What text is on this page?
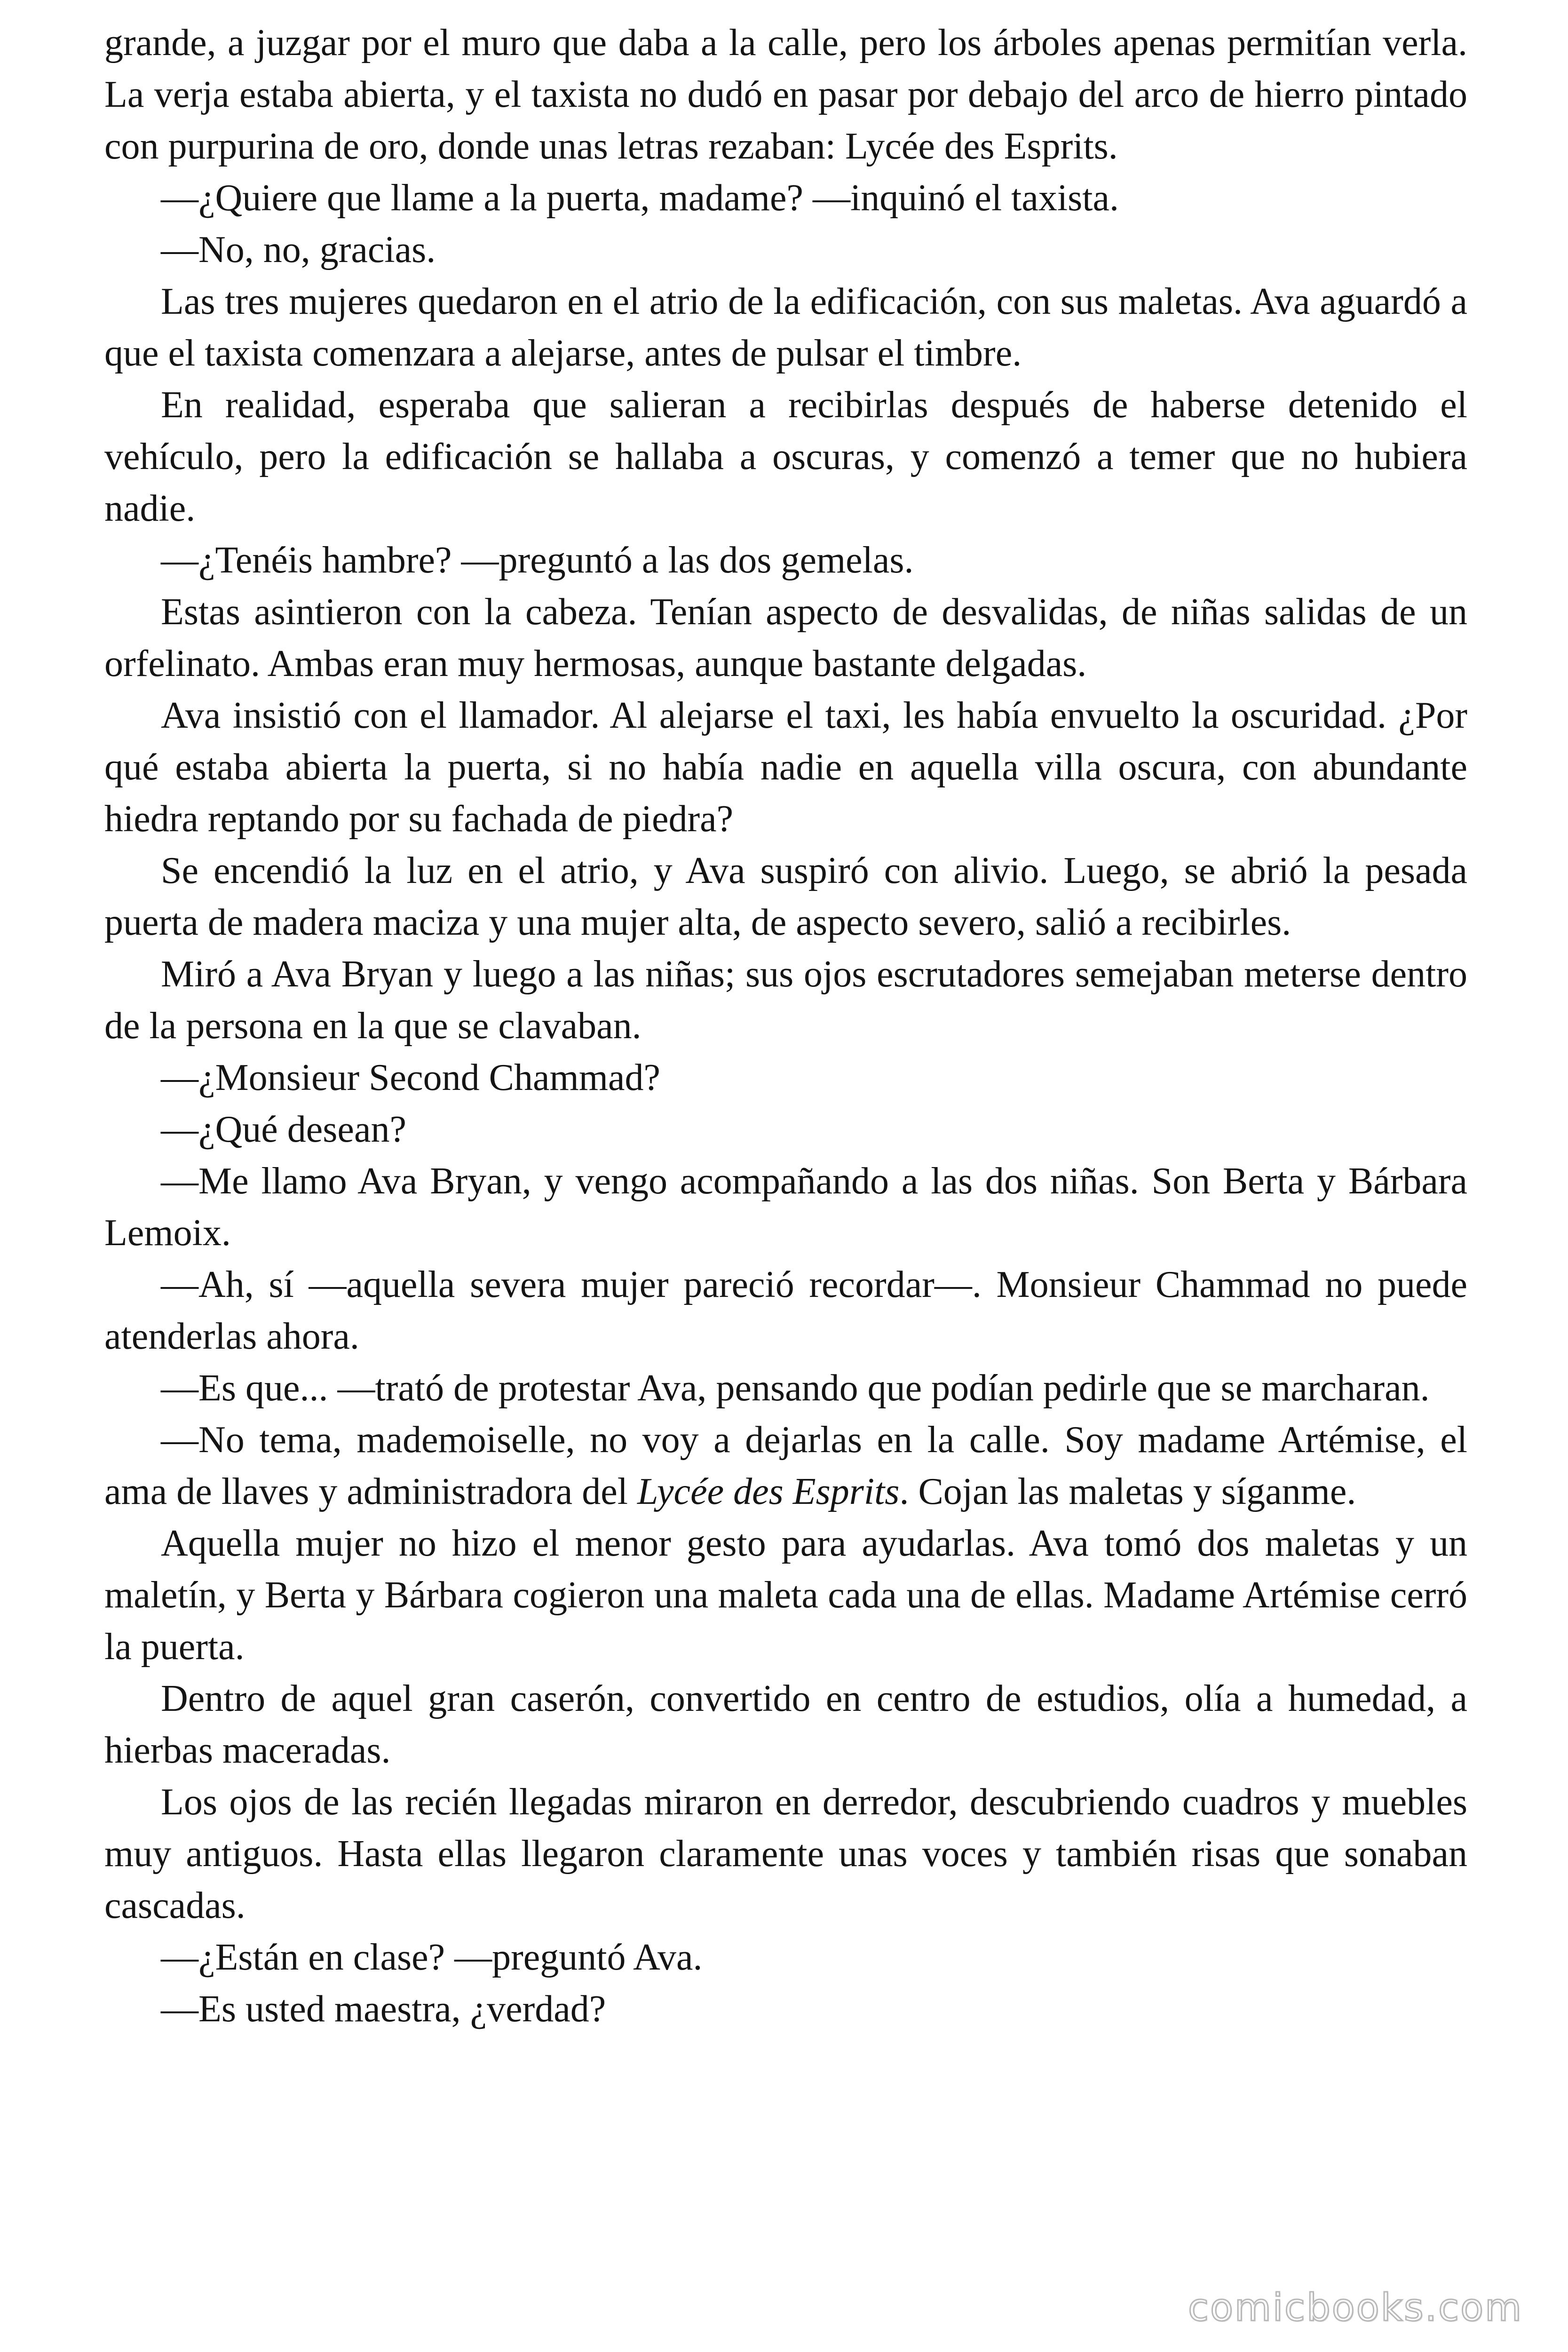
grande, a juzgar por el muro que daba a la calle, pero los árboles apenas permitían verla. La verja estaba abierta, y el taxista no dudó en pasar por debajo del arco de hierro pintado con purpurina de oro, donde unas letras rezaban: Lycée des Esprits.

—¿Quiere que llame a la puerta, madame? —inquinó el taxista.

—No, no, gracias.

Las tres mujeres quedaron en el atrio de la edificación, con sus maletas. Ava aguardó a que el taxista comenzara a alejarse, antes de pulsar el timbre.

En realidad, esperaba que salieran a recibirlas después de haberse detenido el vehículo, pero la edificación se hallaba a oscuras, y comenzó a temer que no hubiera nadie.

—¿Tenéis hambre? —preguntó a las dos gemelas.

Estas asintieron con la cabeza. Tenían aspecto de desvalidas, de niñas salidas de un orfelinato. Ambas eran muy hermosas, aunque bastante delgadas.

Ava insistió con el llamador. Al alejarse el taxi, les había envuelto la oscuridad. ¿Por qué estaba abierta la puerta, si no había nadie en aquella villa oscura, con abundante hiedra reptando por su fachada de piedra?

Se encendió la luz en el atrio, y Ava suspiró con alivio. Luego, se abrió la pesada puerta de madera maciza y una mujer alta, de aspecto severo, salió a recibirles.

Miró a Ava Bryan y luego a las niñas; sus ojos escrutadores semejaban meterse dentro de la persona en la que se clavaban.

—¿Monsieur Second Chammad?

—¿Qué desean?

—Me llamo Ava Bryan, y vengo acompañando a las dos niñas. Son Berta y Bárbara Lemoix.

—Ah, sí —aquella severa mujer pareció recordar—. Monsieur Chammad no puede atenderlas ahora.

—Es que... —trató de protestar Ava, pensando que podían pedirle que se marcharan.

—No tema, mademoiselle, no voy a dejarlas en la calle. Soy madame Artémise, el ama de llaves y administradora del Lycée des Esprits. Cojan las maletas y síganme.

Aquella mujer no hizo el menor gesto para ayudarlas. Ava tomó dos maletas y un maletín, y Berta y Bárbara cogieron una maleta cada una de ellas. Madame Artémise cerró la puerta.

Dentro de aquel gran caserón, convertido en centro de estudios, olía a humedad, a hierbas maceradas.

Los ojos de las recién llegadas miraron en derredor, descubriendo cuadros y muebles muy antiguos. Hasta ellas llegaron claramente unas voces y también risas que sonaban cascadas.

—¿Están en clase? —preguntó Ava.

—Es usted maestra, ¿verdad?

comicbooks.com
